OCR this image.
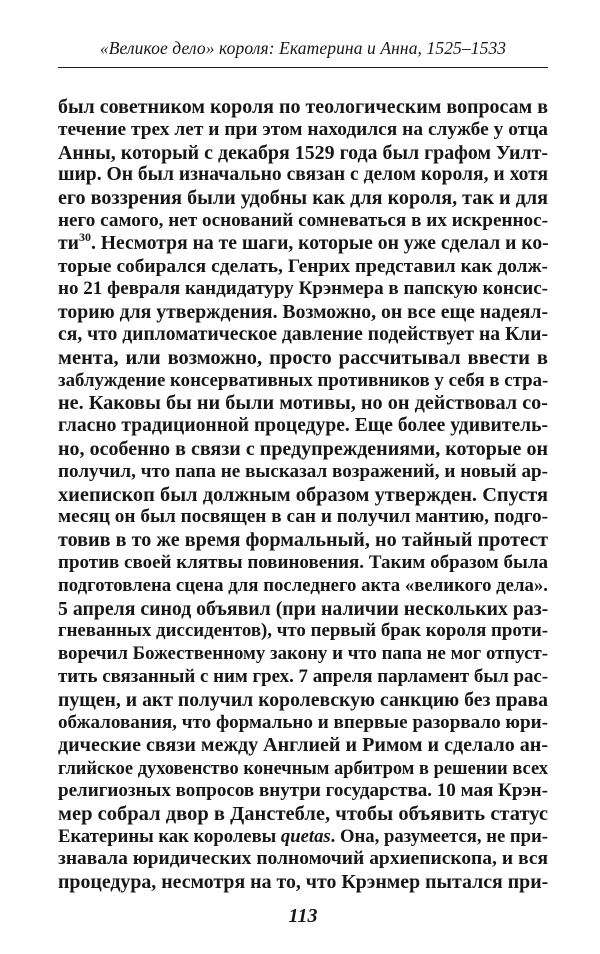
«Великое дело» короля: Екатерина и Анна, 1525–1533
был советником короля по теологическим вопросам в
течение трех лет и при этом находился на службе у отца
Анны, который с декабря 1529 года был графом Уилт-
шир. Он был изначально связан с делом короля, и хотя
его воззрения были удобны как для короля, так и для
него самого, нет оснований сомневаться в их искреннос-
ти$^{30}$. Несмотря на те шаги, которые он уже сделал и ко-
торые собирался сделать, Генрих представил как долж-
но 21 февраля кандидатуру Крэнмера в папскую консис-
торию для утверждения. Возможно, он все еще надеял-
ся, что дипломатическое давление подействует на Кли-
мента, или возможно, просто рассчитывал ввести в
заблуждение консервативных противников у себя в стра-
не. Каковы бы ни были мотивы, но он действовал со-
гласно традиционной процедуре. Еще более удивитель-
но, особенно в связи с предупреждениями, которые он
получил, что папа не высказал возражений, и новый ар-
хиепископ был должным образом утвержден. Спустя
месяц он был посвящен в сан и получил мантию, подго-
товив в то же время формальный, но тайный протест
против своей клятвы повиновения. Таким образом была
подготовлена сцена для последнего акта «великого дела».
5 апреля синод объявил (при наличии нескольких раз-
гневанных диссидентов), что первый брак короля проти-
воречил Божественному закону и что папа не мог отпуст-
тить связанный с ним грех. 7 апреля парламент был рас-
пущен, и акт получил королевскую санкцию без права
обжалования, что формально и впервые разорвало юри-
дические связи между Англией и Римом и сделало ан-
глийское духовенство конечным арбитром в решении всех
религиозных вопросов внутри государства. 10 мая Крэн-
мер собрал двор в Данстебле, чтобы объявить статус
Екатерины как королевы quetas. Она, разумеется, не при-
знавала юридических полномочий архиепископа, и вся
процедура, несмотря на то, что Крэнмер пытался при-
113
